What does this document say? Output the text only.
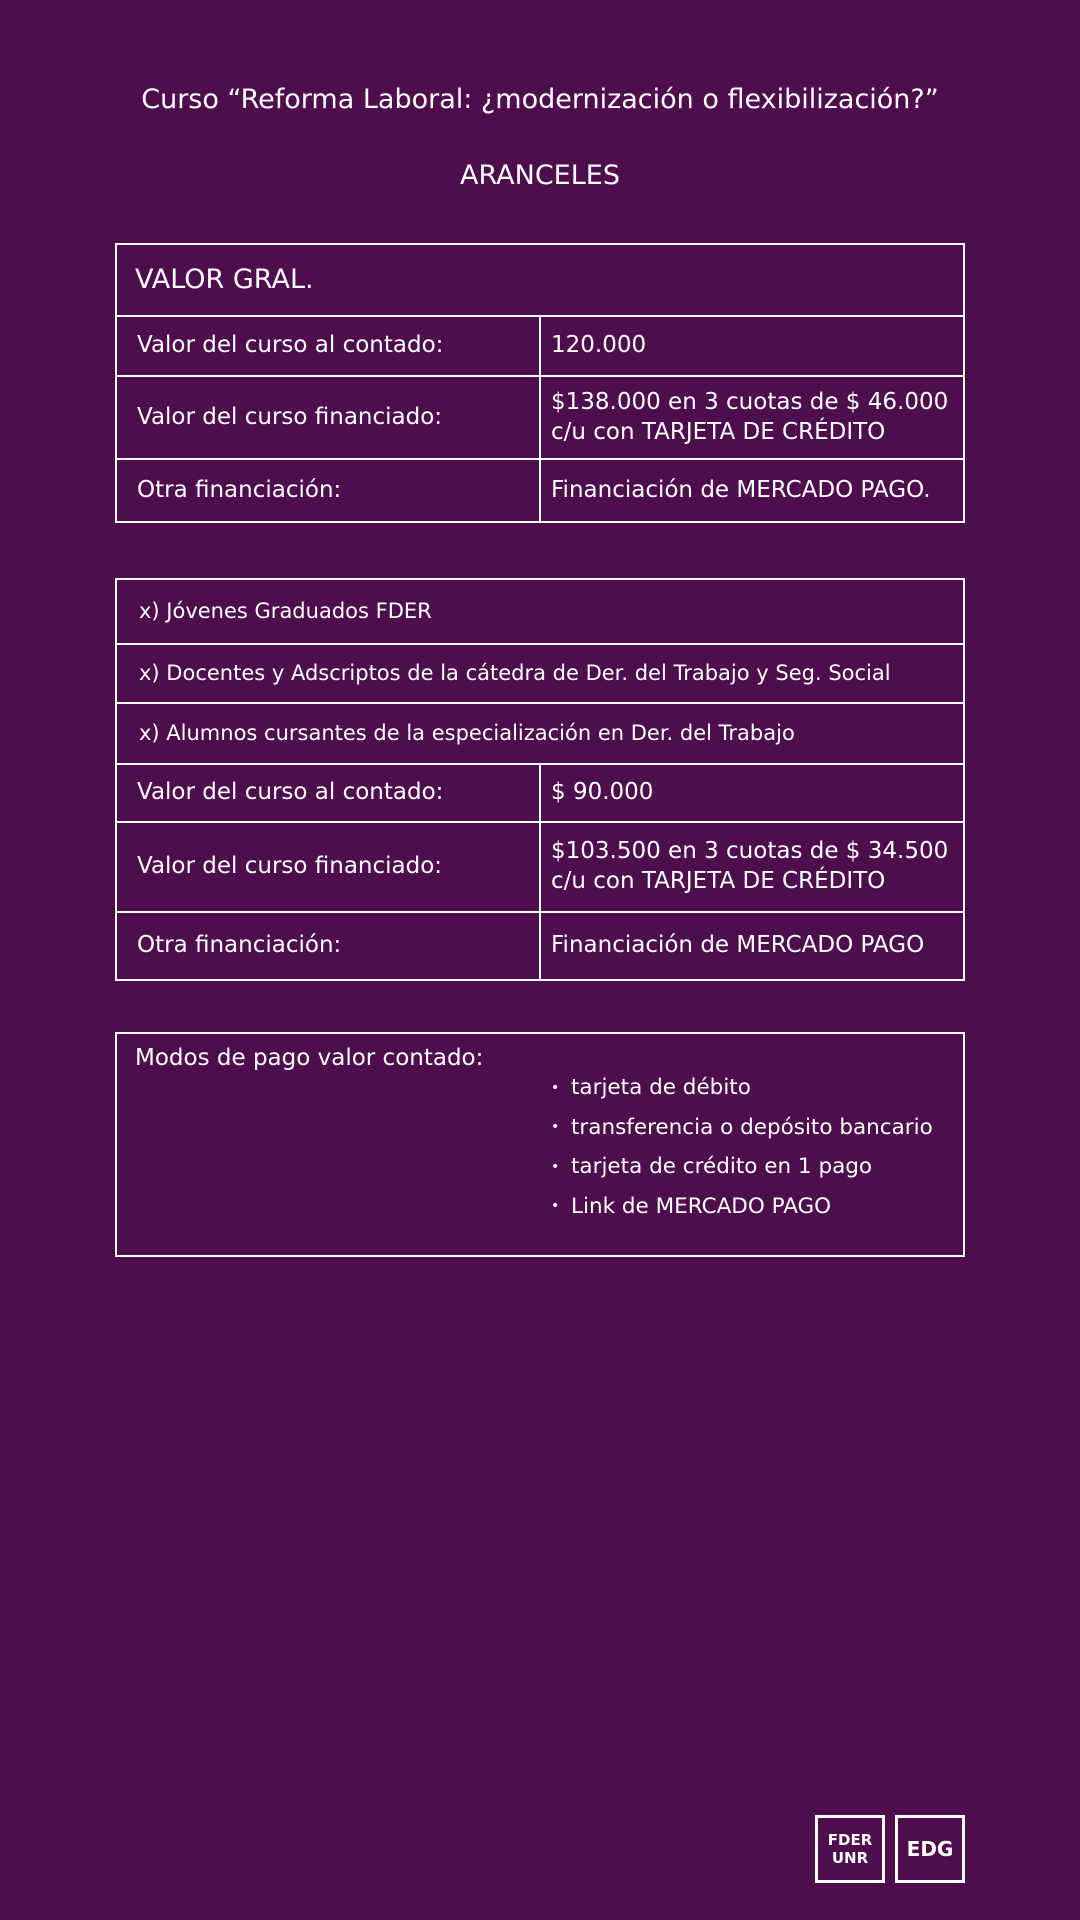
Curso “Reforma Laboral: ¿modernización o flexibilización?”
ARANCELES
VALOR GRAL.	
Valor del curso al contado:	120.000
Valor del curso financiado:	$138.000 en 3 cuotas de $ 46.000 c/u con TARJETA DE CRÉDITO
Otra financiación:	Financiación de MERCADO PAGO.
x) Jóvenes Graduados FDER	
x) Docentes y Adscriptos de la cátedra de Der. del Trabajo y Seg. Social	
x) Alumnos cursantes de la especialización en Der. del Trabajo	
Valor del curso al contado:	$ 90.000
Valor del curso financiado:	$103.500 en 3 cuotas de $ 34.500 c/u con TARJETA DE CRÉDITO
Otra financiación:	Financiación de MERCADO PAGO
Modos de pago valor contado:	
• tarjeta de débito
• transferencia o depósito bancario
• tarjeta de crédito en 1 pago
• Link de MERCADO PAGO
FDER
UNR EDG
